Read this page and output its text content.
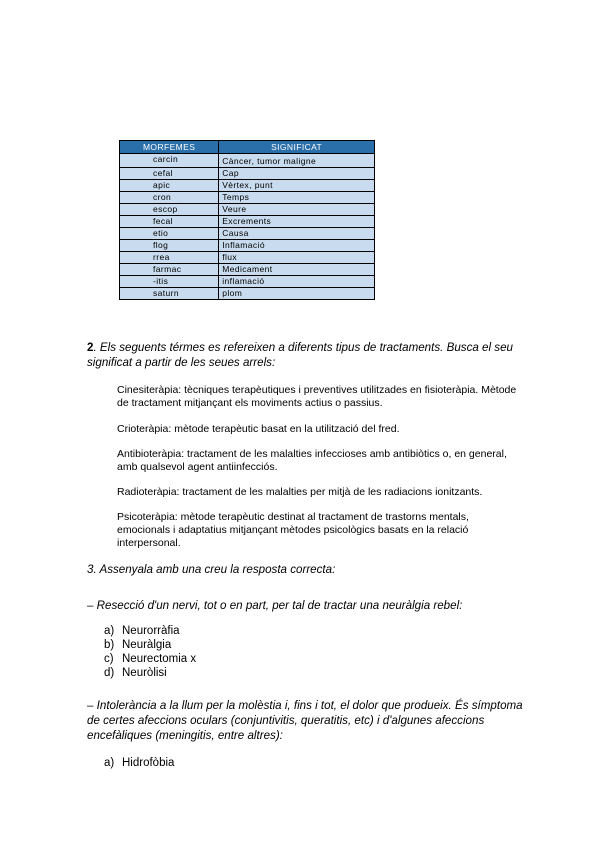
MORFEMES	SIGNIFICAT
carcin	Càncer, tumor maligne
cefal	Cap
apic	Vèrtex, punt
cron	Temps
escop	Veure
fecal	Excrements
etio	Causa
flog	Inflamació
rrea	flux
farmac	Medicament
-itis	inflamació
saturn	plom
2. Els seguents térmes es refereixen a diferents tipus de tractaments. Busca el seu significat a partir de les seues arrels:
Cinesiteràpia: tècniques terapèutiques i preventives utilitzades en fisioteràpia. Mètode de tractament mitjançant els moviments actius o passius.
Crioteràpia: mètode terapèutic basat en la utilització del fred.
Antibioteràpia: tractament de les malalties infeccioses amb antibiòtics o, en general, amb qualsevol agent antiinfecciós.
Radioteràpia: tractament de les malalties per mitjà de les radiacions ionitzants.
Psicoteràpia: mètode terapèutic destinat al tractament de trastorns mentals, emocionals i adaptatius mitjançant mètodes psicològics basats en la relació interpersonal.
3. Assenyala amb una creu la resposta correcta:
– Resecció d'un nervi, tot o en part, per tal de tractar una neuràlgia rebel:
a) Neurorràfia
b) Neuràlgia
c) Neurectomia x
d) Neuròlisi
– Intolerància a la llum per la molèstia i, fins i tot, el dolor que produeix. És símptoma de certes afeccions oculars (conjuntivitis, queratitis, etc) i d'algunes afeccions encefàliques (meningitis, entre altres):
a) Hidrofòbia
